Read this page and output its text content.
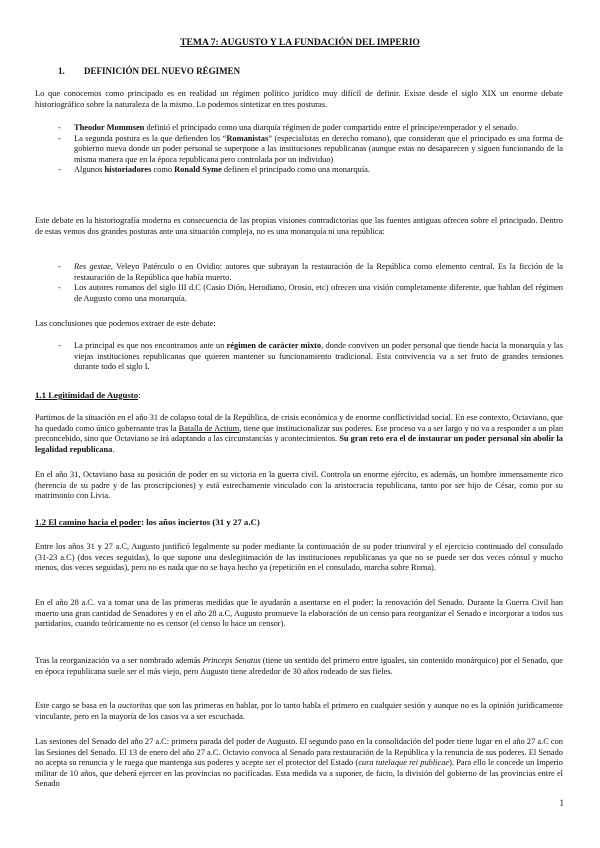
TEMA 7: AUGUSTO Y LA FUNDACIÓN DEL IMPERIO
1. DEFINICIÓN DEL NUEVO RÉGIMEN
Lo que conocemos como principado es en realidad un régimen político jurídico muy difícil de definir. Existe desde el siglo XIX un enorme debate historiográfico sobre la naturaleza de la mismo. Lo podemos sintetizar en tres posturas.
- Theodor Mommsen definió el principado como una diarquía régimen de poder compartido entre el príncipe/emperador y el senado.
- La segunda postura es la que defienden los “Romanistas” (especialistas en derecho romano), que consideran que el principado es una forma de gobierno nueva donde un poder personal se superpone a las instituciones republicanas (aunque estas no desaparecen y siguen funcionando de la misma manera que en la época republicana pero controlada por un individuo)
- Algunos historiadores como Ronald Syme definen el principado como una monarquía.
Este debate en la historiografía moderna es consecuencia de las propias visiones contradictorias que las fuentes antiguas ofrecen sobre el principado. Dentro de estas vemos dos grandes posturas ante una situación compleja, no es una monarquía ni una república:
- Res gestae, Veleyo Patérculo o en Ovidio: autores que subrayan la restauración de la República como elemento central. Es la ficción de la restauración de la República que había muerto.
- Los autores romanos del siglo III d.C (Casio Dión, Herodiano, Orosio, etc) ofrecen una visión completamente diferente, que hablan del régimen de Augusto como una monarquía.
Las conclusiones que podemos extraer de este debate:
- La principal es que nos encontramos ante un régimen de carácter mixto, donde conviven un poder personal que tiende hacia la monarquía y las viejas instituciones republicanas que quieren mantener su funcionamiento tradicional. Esta convivencia va a ser fruto de grandes tensiones durante todo el siglo I.
1.1 Legitimidad de Augusto:
Partimos de la situación en el año 31 de colapso total de la República, de crisis económica y de enorme conflictividad social. En ese contexto, Octaviano, que ha quedado como único gobernante tras la Batalla de Actium, tiene que institucionalizar sus poderes. Ese proceso va a ser largo y no va a responder a un plan preconcebido, sino que Octaviano se irá adaptando a las circunstancias y acontecimientos. Su gran reto era el de instaurar un poder personal sin abolir la legalidad republicana.
En el año 31, Octaviano basa su posición de poder en su victoria en la guerra civil. Controla un enorme ejército, es además, un hombre inmensamente rico (herencia de su padre y de las proscripciones) y está estrechamente vinculado con la aristocracia republicana, tanto por ser hijo de César, como por su matrimonio con Livia.
1.2 El camino hacia el poder: los años inciertos (31 y 27 a.C)
Entre los años 31 y 27 a.C, Augusto justificó legalmente su poder mediante la continuación de su poder triunviral y el ejercicio continuado del consulado (31-23 a.C) (dos veces seguidas), lo que supone una deslegitimación de las instituciones republicanas ya que no se puede ser dos veces cónsul y mucho menos, dos veces seguidas), pero no es nada que no se haya hecho ya (repetición en el consulado, marcha sobre Roma).
En el año 28 a.C. va a tomar una de las primeras medidas que le ayudarán a asentarse en el poder: la renovación del Senado. Durante la Guerra Civil han muerto una gran cantidad de Senadores y en el año 28 a.C, Augusto promueve la elaboración de un censo para reorganizar el Senado e incorporar a todos sus partidarios, cuando teóricamente no es censor (el censo lo hace un censor).
Tras la reorganización va a ser nombrado además Princeps Senatus (tiene un sentido del primero entre iguales, sin contenido monárquico) por el Senado, que en época republicana suele ser el más viejo, pero Augusto tiene alrededor de 30 años rodeado de sus fieles.
Este cargo se basa en la auctoritas que son las primeras en hablar, por lo tanto habla el primero en cualquier sesión y aunque no es la opinión jurídicamente vinculante, pero en la mayoría de los casos va a ser escuchada.
Las sesiones del Senado del año 27 a.C: primera parada del poder de Augusto. El segundo paso en la consolidación del poder tiene lugar en el año 27 a.C con las Sesiones del Senado. El 13 de enero del año 27 a.C. Octavio convoca al Senado para restauración de la República y la renuncia de sus poderes. El Senado no acepta su renuncia y le ruega que mantenga sus poderes y acepte ser el protector del Estado (cura tutelaque rei publicae). Para ello le concede un Imperio militar de 10 años, que deberá ejercer en las provincias no pacificadas. Esta medida va a suponer, de facto, la división del gobierno de las provincias entre el Senado
1
